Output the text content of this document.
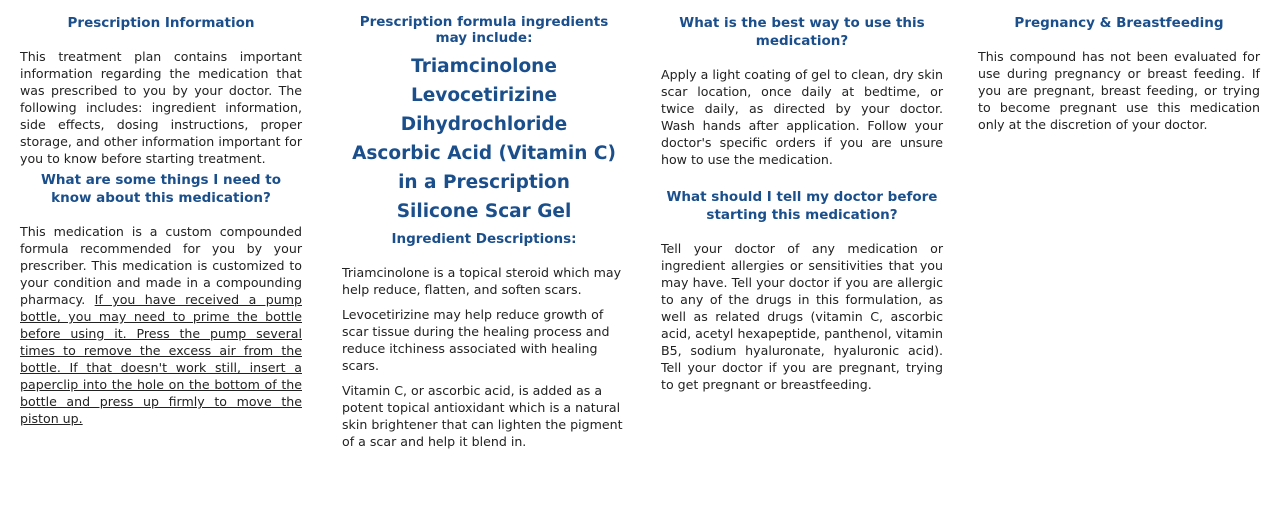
Prescription Information

This treatment plan contains important information regarding the medication that was prescribed to you by your doctor. The following includes: ingredient information, side effects, dosing instructions, proper storage, and other information important for you to know before starting treatment.

What are some things I need to know about this medication?

This medication is a custom compounded formula recommended for you by your prescriber. This medication is customized to your condition and made in a compounding pharmacy. If you have received a pump bottle, you may need to prime the bottle before using it. Press the pump several times to remove the excess air from the bottle. If that doesn't work still, insert a paperclip into the hole on the bottom of the bottle and press up firmly to move the piston up.

Prescription formula ingredients may include:
Triamcinolone
Levocetirizine
Dihydrochloride
Ascorbic Acid (Vitamin C)
in a Prescription
Silicone Scar Gel
Ingredient Descriptions:

Triamcinolone is a topical steroid which may help reduce, flatten, and soften scars.

Levocetirizine may help reduce growth of scar tissue during the healing process and reduce itchiness associated with healing scars.

Vitamin C, or ascorbic acid, is added as a potent topical antioxidant which is a natural skin brightener that can lighten the pigment of a scar and help it blend in.

What is the best way to use this medication?

Apply a light coating of gel to clean, dry skin scar location, once daily at bedtime, or twice daily, as directed by your doctor. Wash hands after application. Follow your doctor's specific orders if you are unsure how to use the medication.

What should I tell my doctor before starting this medication?

Tell your doctor of any medication or ingredient allergies or sensitivities that you may have. Tell your doctor if you are allergic to any of the drugs in this formulation, as well as related drugs (vitamin C, ascorbic acid, acetyl hexapeptide, panthenol, vitamin B5, sodium hyaluronate, hyaluronic acid). Tell your doctor if you are pregnant, trying to get pregnant or breastfeeding.

Pregnancy & Breastfeeding

This compound has not been evaluated for use during pregnancy or breast feeding. If you are pregnant, breast feeding, or trying to become pregnant use this medication only at the discretion of your doctor.
